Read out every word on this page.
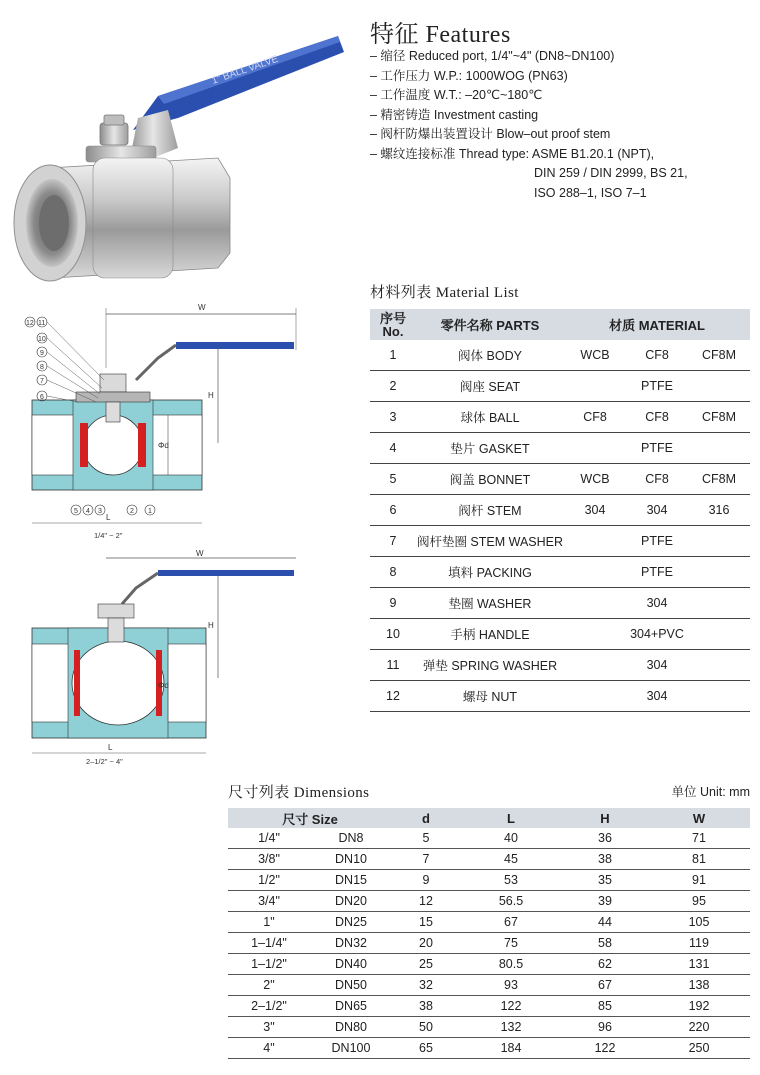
1" BALL VALVE
W
H
Φd
L
1/4" ~ 2"
12 11
10
9
8
7
6
5 4 3	2 1
W
H
Φd
L
2–1/2" ~ 4"
特征 Features
– 缩径 Reduced port, 1/4"~4" (DN8~DN100)
– 工作压力 W.P.: 1000WOG (PN63)
– 工作温度 W.T.: –20℃~180℃
– 精密铸造 Investment casting
– 阀杆防爆出装置设计 Blow–out proof stem
– 螺纹连接标准 Thread type: ASME B1.20.1 (NPT),
DIN 259 / DIN 2999, BS 21,
ISO 288–1, ISO 7–1
材料列表 Material List
序号
No.	零件名称 PARTS	材质 MATERIAL		
1	阀体 BODY	WCB	CF8	CF8M
2	阀座 SEAT	PTFE		
3	球体 BALL	CF8	CF8	CF8M
4	垫片 GASKET	PTFE		
5	阀盖 BONNET	WCB	CF8	CF8M
6	阀杆 STEM	304	304	316
7	阀杆垫圈 STEM WASHER	PTFE		
8	填料 PACKING	PTFE		
9	垫圈 WASHER	304		
10	手柄 HANDLE	304+PVC		
11	弹垫 SPRING WASHER	304		
12	螺母 NUT	304		
尺寸列表 Dimensions	单位 Unit: mm
尺寸 Size		d	L	H	W
1/4"	DN8	5	40	36	71
3/8"	DN10	7	45	38	81
1/2"	DN15	9	53	35	91
3/4"	DN20	12	56.5	39	95
1"	DN25	15	67	44	105
1–1/4"	DN32	20	75	58	119
1–1/2"	DN40	25	80.5	62	131
2"	DN50	32	93	67	138
2–1/2"	DN65	38	122	85	192
3"	DN80	50	132	96	220
4"	DN100	65	184	122	250
